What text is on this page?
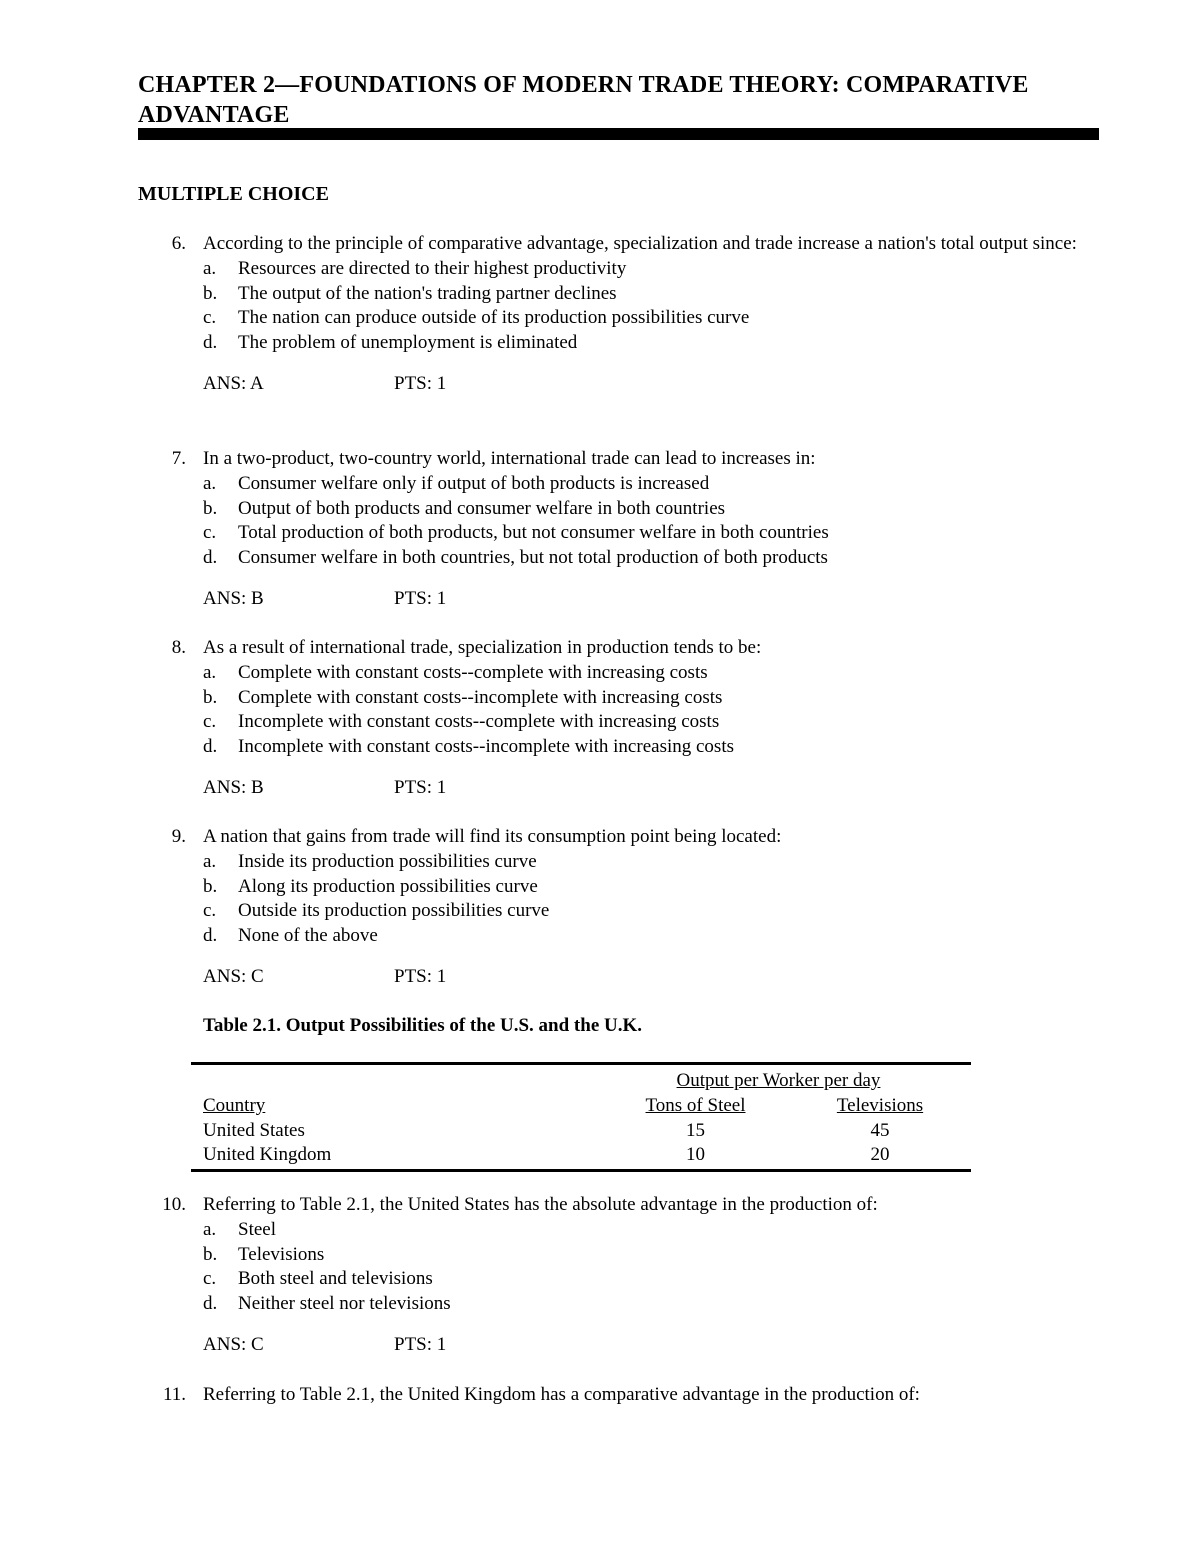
CHAPTER 2—FOUNDATIONS OF MODERN TRADE THEORY: COMPARATIVE ADVANTAGE
MULTIPLE CHOICE
6. According to the principle of comparative advantage, specialization and trade increase a nation's total output since:
a.	Resources are directed to their highest productivity
b.	The output of the nation's trading partner declines
c.	The nation can produce outside of its production possibilities curve
d.	The problem of unemployment is eliminated
ANS: A	PTS: 1
7. In a two-product, two-country world, international trade can lead to increases in:
a.	Consumer welfare only if output of both products is increased
b.	Output of both products and consumer welfare in both countries
c.	Total production of both products, but not consumer welfare in both countries
d.	Consumer welfare in both countries, but not total production of both products
ANS: B	PTS: 1
8. As a result of international trade, specialization in production tends to be:
a.	Complete with constant costs--complete with increasing costs
b.	Complete with constant costs--incomplete with increasing costs
c.	Incomplete with constant costs--complete with increasing costs
d.	Incomplete with constant costs--incomplete with increasing costs
ANS: B	PTS: 1
9. A nation that gains from trade will find its consumption point being located:
a.	Inside its production possibilities curve
b.	Along its production possibilities curve
c.	Outside its production possibilities curve
d.	None of the above
ANS: C	PTS: 1
Table 2.1. Output Possibilities of the U.S. and the U.K.
Output per Worker per day
Country	Tons of Steel	Televisions
United States	15	45
United Kingdom	10	20
10. Referring to Table 2.1, the United States has the absolute advantage in the production of:
a.	Steel
b.	Televisions
c.	Both steel and televisions
d.	Neither steel nor televisions
ANS: C	PTS: 1
11. Referring to Table 2.1, the United Kingdom has a comparative advantage in the production of:
